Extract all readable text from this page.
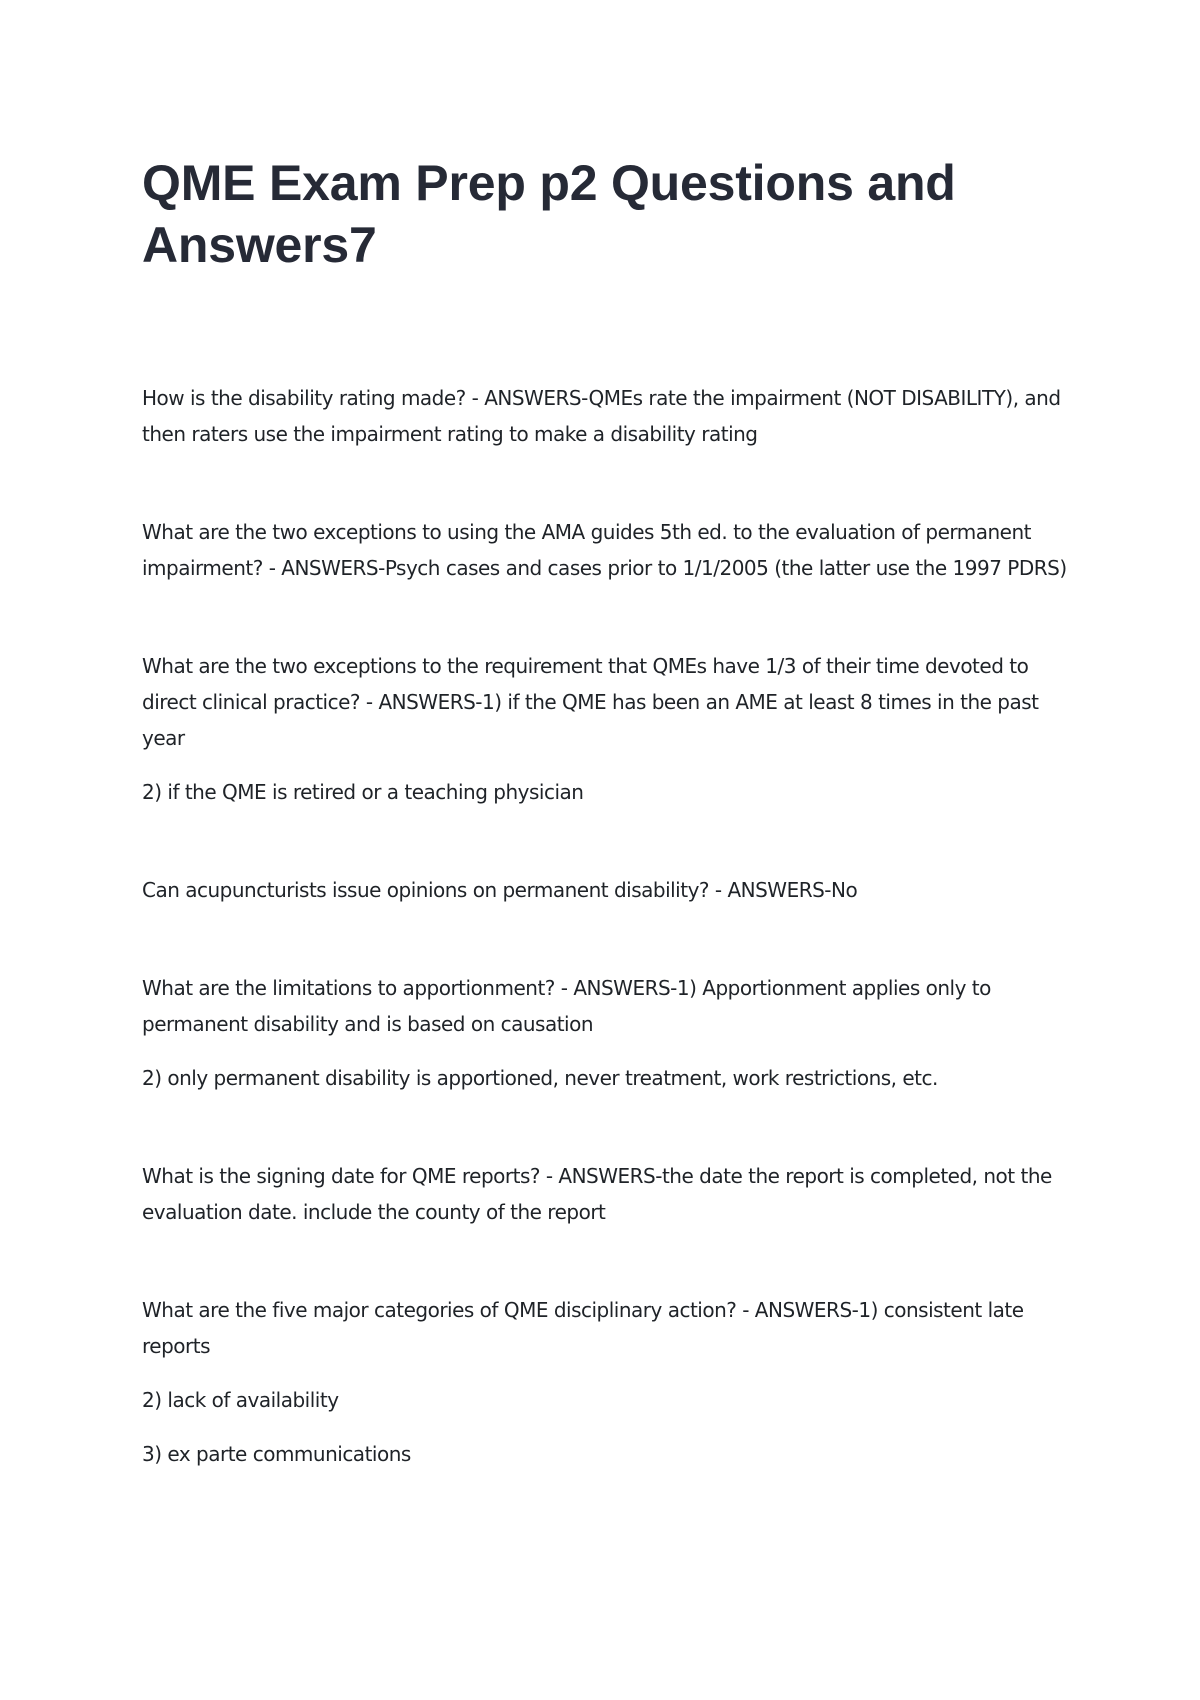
QME Exam Prep p2 Questions and Answers7

How is the disability rating made? - ANSWERS-QMEs rate the impairment (NOT DISABILITY), and then raters use the impairment rating to make a disability rating

What are the two exceptions to using the AMA guides 5th ed. to the evaluation of permanent impairment? - ANSWERS-Psych cases and cases prior to 1/1/2005 (the latter use the 1997 PDRS)

What are the two exceptions to the requirement that QMEs have 1/3 of their time devoted to direct clinical practice? - ANSWERS-1) if the QME has been an AME at least 8 times in the past year

2) if the QME is retired or a teaching physician

Can acupuncturists issue opinions on permanent disability? - ANSWERS-No

What are the limitations to apportionment? - ANSWERS-1) Apportionment applies only to permanent disability and is based on causation

2) only permanent disability is apportioned, never treatment, work restrictions, etc.

What is the signing date for QME reports? - ANSWERS-the date the report is completed, not the evaluation date. include the county of the report

What are the five major categories of QME disciplinary action? - ANSWERS-1) consistent late reports

2) lack of availability

3) ex parte communications
